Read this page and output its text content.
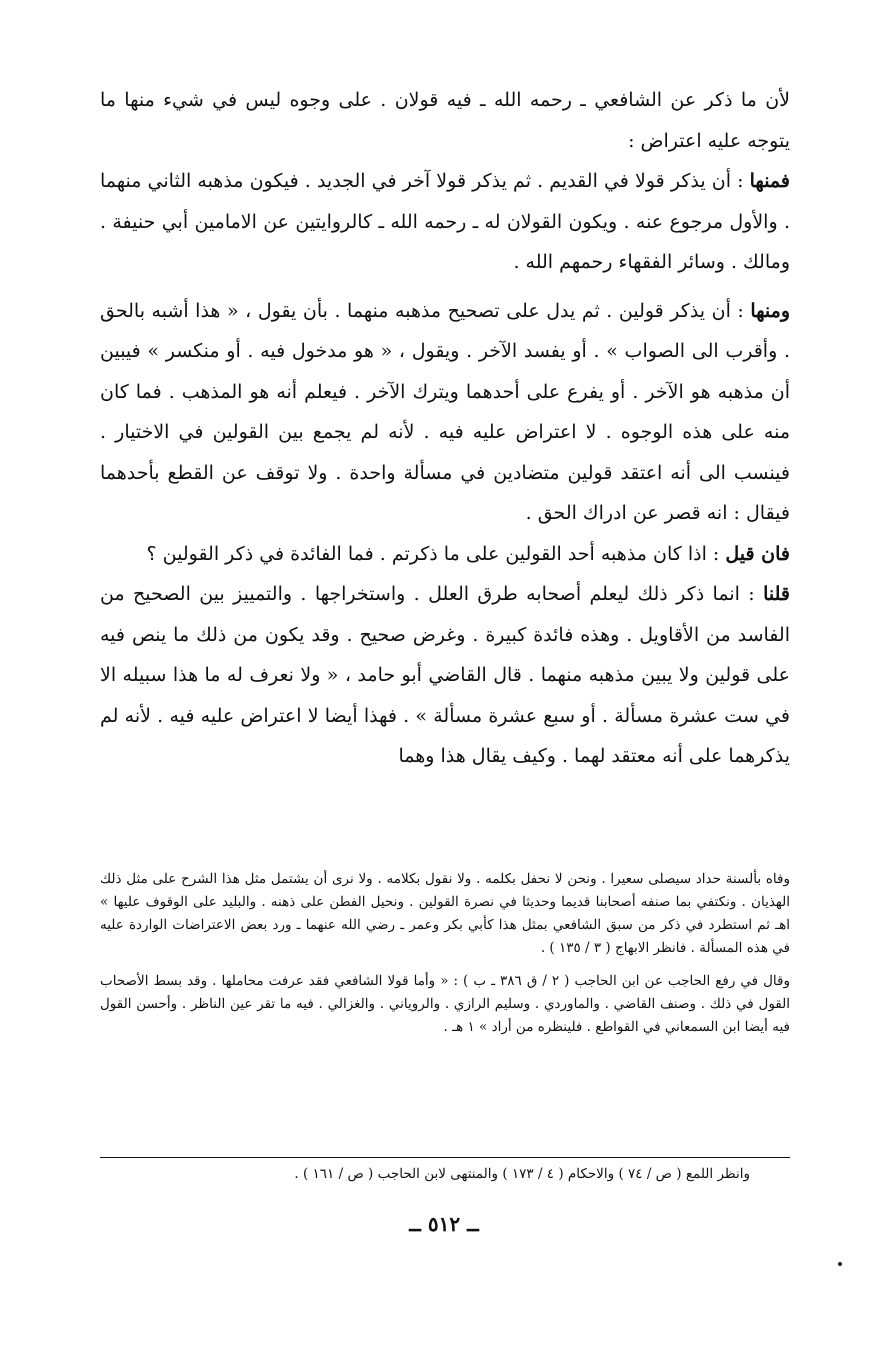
لأن ما ذكر عن الشافعي ـ رحمه الله ـ فيه قولان . على وجوه ليس في شيء منها ما يتوجه عليه اعتراض :

فمنها : أن يذكر قولا في القديم . ثم يذكر قولا آخر في الجديد . فيكون مذهبه الثاني منهما . والأول مرجوع عنه . ويكون القولان له ـ رحمه الله ـ كالروايتين عن الامامين أبي حنيفة . ومالك . وسائر الفقهاء رحمهم الله .

ومنها : أن يذكر قولين . ثم يدل على تصحيح مذهبه منهما . بأن يقول ، « هذا أشبه بالحق . وأقرب الى الصواب » . أو يفسد الآخر . ويقول ، « هو مدخول فيه . أو منكسر » فيبين أن مذهبه هو الآخر . أو يفرع على أحدهما ويترك الآخر . فيعلم أنه هو المذهب . فما كان منه على هذه الوجوه . لا اعتراض عليه فيه . لأنه لم يجمع بين القولين في الاختيار . فينسب الى أنه اعتقد قولين متضادين في مسألة واحدة . ولا توقف عن القطع بأحدهما فيقال : انه قصر عن ادراك الحق .

فان قيل : اذا كان مذهبه أحد القولين على ما ذكرتم . فما الفائدة في ذكر القولين ؟

قلنا : انما ذكر ذلك ليعلم أصحابه طرق العلل . واستخراجها . والتمييز بين الصحيح من الفاسد من الأقاويل . وهذه فائدة كبيرة . وغرض صحيح . وقد يكون من ذلك ما ينص فيه على قولين ولا يبين مذهبه منهما . قال القاضي أبو حامد ، « ولا نعرف له ما هذا سبيله الا في ست عشرة مسألة . أو سبع عشرة مسألة » . فهذا أيضا لا اعتراض عليه فيه . لأنه لم يذكرهما على أنه معتقد لهما . وكيف يقال هذا وهما

وفاه بألسنة حداد سيصلى سعيرا . ونحن لا نحفل بكلمه . ولا نقول بكلامه . ولا نرى أن يشتمل مثل هذا الشرح على مثل ذلك الهذيان . ونكتفي بما صنفه أصحابنا قديما وحديثا في نصرة القولين . ونحيل الفطن على ذهنه . والبليد على الوقوف عليها » اهـ ثم استطرد في ذكر من سبق الشافعي بمثل هذا كأبي بكر وعمر ـ رضي الله عنهما ـ ورد بعض الاعتراضات الواردة عليه في هذه المسألة . فانظر الابهاج ( ٣ / ١٣٥ ) .

وقال في رفع الحاجب عن ابن الحاجب ( ٢ / ق ٣٨٦ ـ ب ) : « وأما قولا الشافعي فقد عرفت محاملها . وقد بسط الأصحاب القول في ذلك . وصنف القاضي . والماوردي . وسليم الرازي . والروياني . والغزالي . فيه ما تقر عين الناظر . وأحسن القول فيه أيضا ابن السمعاني في القواطع . فلينظره من أراد » ١ هـ .

وانظر اللمع ( ص / ٧٤ ) والاحكام ( ٤ / ١٧٣ ) والمنتهى لابن الحاجب ( ص / ١٦١ ) .
ــ ٥١٢ ــ
